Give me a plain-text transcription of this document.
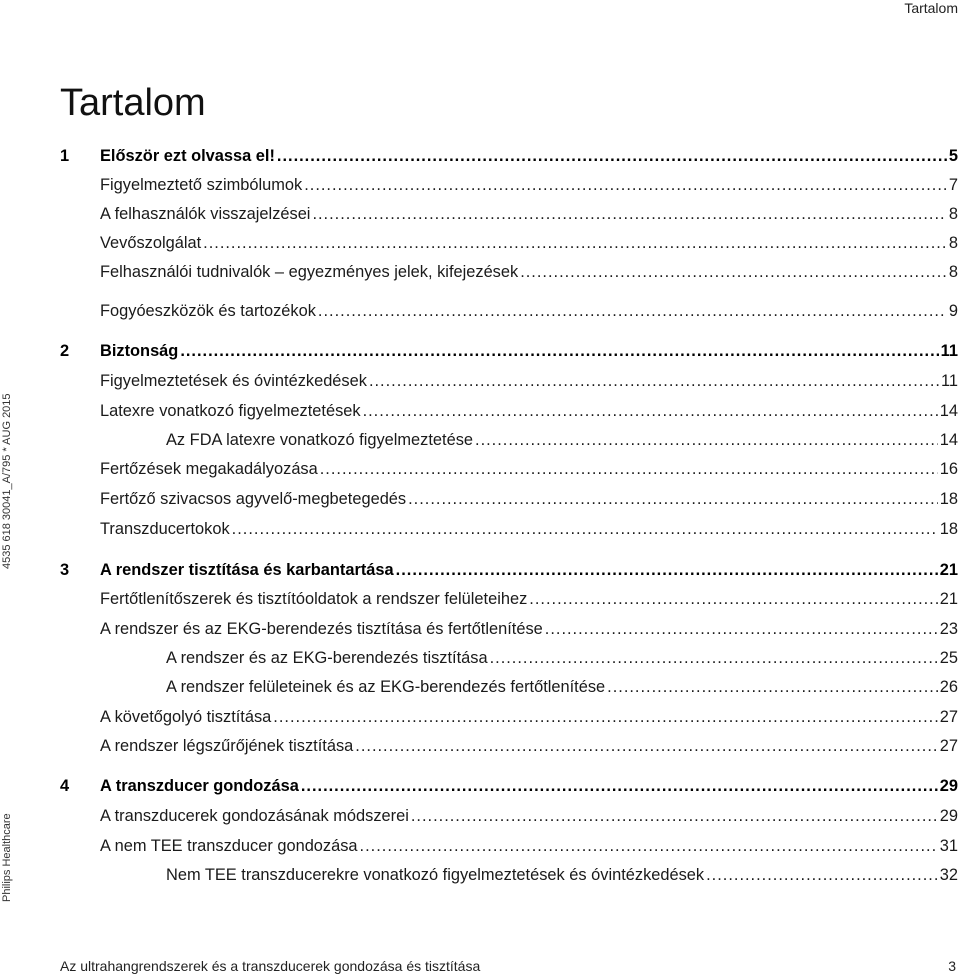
Tartalom
4535 618 30041_A/795 * AUG 2015
Philips Healthcare
Tartalom
1	Először ezt olvassa el! .....	5
Figyelmeztető szimbólumok .....	7
A felhasználók visszajelzései .....	8
Vevőszolgálat .....	8
Felhasználói tudnivalók – egyezményes jelek, kifejezések .....	8
Fogyóeszközök és tartozékok .....	9
2	Biztonság .....	11
Figyelmeztetések és óvintézkedések .....	11
Latexre vonatkozó figyelmeztetések .....	14
Az FDA latexre vonatkozó figyelmeztetése .....	14
Fertőzések megakadályozása .....	16
Fertőző szivacsos agyvelő-megbetegedés .....	18
Transzducertokok .....	18
3	A rendszer tisztítása és karbantartása .....	21
Fertőtlenítőszerek és tisztítóoldatok a rendszer felületeihez .....	21
A rendszer és az EKG-berendezés tisztítása és fertőtlenítése .....	23
A rendszer és az EKG-berendezés tisztítása .....	25
A rendszer felületeinek és az EKG-berendezés fertőtlenítése .....	26
A követőgolyó tisztítása .....	27
A rendszer légszűrőjének tisztítása .....	27
4	A transzducer gondozása .....	29
A transzducerek gondozásának módszerei .....	29
A nem TEE transzducer gondozása .....	31
Nem TEE transzducerekre vonatkozó figyelmeztetések és óvintézkedések .....	32
Az ultrahangrendszerek és a transzducerek gondozása és tisztítása	3
